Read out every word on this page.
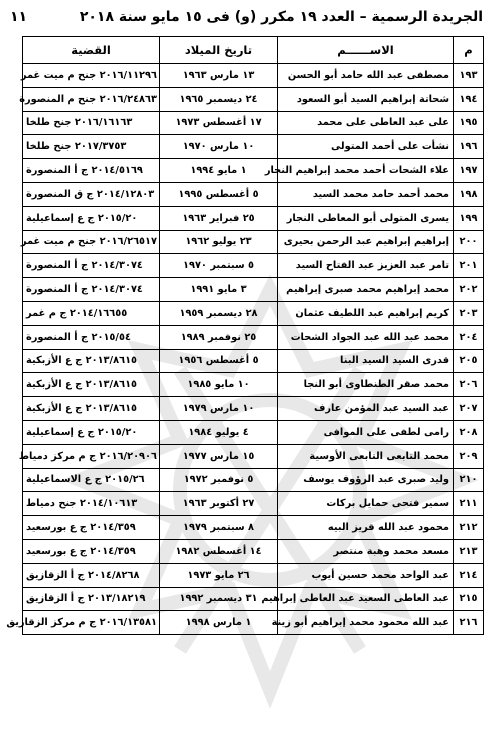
الجريدة الرسمية – العدد ١٩ مكرر (و) فى ١٥ مايو سنة ٢٠١٨
١١
م	الاســــــم	تاريخ الميلاد	القضية
١٩٣	مصطفى عبد الله حامد أبو الحسن	١٣ مارس ١٩٦٣	٢٠١٦/١١٢٩٦ جنح م ميت غمر
١٩٤	شحاتة إبراهيم السيد أبو السعود	٢٤ ديسمبر ١٩٦٥	٢٠١٦/٢٤٨٦٣ جنح م المنصورة
١٩٥	على عبد العاطى على محمد	١٧ أغسطس ١٩٧٣	٢٠١٦/١٦١٦٣ جنح طلخا
١٩٦	نشأت على أحمد المتولى	١٠ مارس ١٩٧٠	٢٠١٧/٣٧٥٣ جنح طلخا
١٩٧	علاء الشحات أحمد محمد إبراهيم النجار	١ مايو ١٩٩٤	٢٠١٤/٥١٦٩ ج أ المنصورة
١٩٨	محمد أحمد حامد محمد السيد	٥ أغسطس ١٩٩٥	٢٠١٤/١٢٨٠٣ ج ق المنصورة
١٩٩	يسرى المتولى أبو المعاطى النجار	٢٥ فبراير ١٩٦٣	٢٠١٥/٢٠ ج ع إسماعيلية
٢٠٠	إبراهيم إبراهيم عبد الرحمن بحيرى	٢٣ يوليو ١٩٦٢	٢٠١٦/٢٦٥١٧ جنح م ميت غمر
٢٠١	تامر عبد العزيز عبد الفتاح السيد	٥ سبتمبر ١٩٧٠	٢٠١٤/٣٠٧٤ ج أ المنصورة
٢٠٢	محمد إبراهيم محمد صبرى إبراهيم	٣ مايو ١٩٩١	٢٠١٤/٣٠٧٤ ج أ المنصورة
٢٠٣	كريم إبراهيم عبد اللطيف عثمان	٢٨ ديسمبر ١٩٥٩	٢٠١٤/١٦٦٥٥ ج م غمر
٢٠٤	محمد عبد الله عبد الجواد الشحات	٢٥ نوفمبر ١٩٨٩	٢٠١٥/٥٤ ج أ المنصورة
٢٠٥	قدرى السيد السيد البنا	٥ أغسطس ١٩٥٦	٢٠١٣/٨٦١٥ ج ع الأزبكية
٢٠٦	محمد صقر الطنطاوى أبو النجا	١٠ مايو ١٩٨٥	٢٠١٣/٨٦١٥ ج ع الأزبكية
٢٠٧	عبد السيد عبد المؤمن عارف	١٠ مارس ١٩٧٩	٢٠١٣/٨٦١٥ ج ع الأزبكية
٢٠٨	رامى لطفى على الموافى	٤ يوليو ١٩٨٤	٢٠١٥/٢٠ ج ع إسماعيلية
٢٠٩	محمد التابعى التابعى الأوسية	١٥ مارس ١٩٧٧	٢٠١٦/٢٠٩٠٦ ج م مركز دمياط
٢١٠	وليد صبرى عبد الرؤوف يوسف	٥ نوفمبر ١٩٧٢	٢٠١٥/٢٦ ج ع الاسماعيلية
٢١١	سمير فتحى حمايل بركات	٢٧ أكتوبر ١٩٦٣	٢٠١٤/١٠٦١٣ جنح دمياط
٢١٢	محمود عبد الله قريز البيه	٨ سبتمبر ١٩٧٩	٢٠١٤/٣٥٩ ج ع بورسعيد
٢١٣	مسعد محمد وهبة منتصر	١٤ أغسطس ١٩٨٢	٢٠١٤/٣٥٩ ج ع بورسعيد
٢١٤	عبد الواحد محمد حسين أيوب	٢٦ مايو ١٩٧٣	٢٠١٤/٨٢٦٨ ج أ الزقازيق
٢١٥	عبد العاطى السعيد عبد العاطى إبراهيم	٣١ ديسمبر ١٩٩٢	٢٠١٣/١٨٢١٩ ج أ الزقازيق
٢١٦	عبد الله محمود محمد إبراهيم أبو زينة	١ مارس ١٩٩٨	٢٠١٦/١٣٥٨١ ج م مركز الزقازيق
